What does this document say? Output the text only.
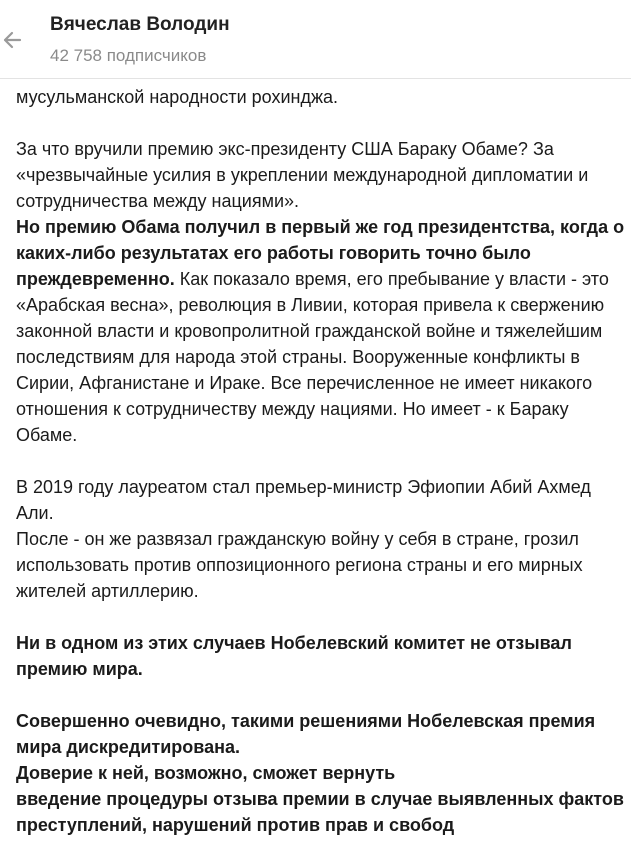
Вячеслав Володин
42 758 подписчиков

мусульманской народности рохинджа.

За что вручили премию экс-президенту США Бараку Обаме? За «чрезвычайные усилия в укреплении международной дипломатии и сотрудничества между нациями».
Но премию Обама получил в первый же год президентства, когда о каких-либо результатах его работы говорить точно было преждевременно. Как показало время, его пребывание у власти - это «Арабская весна», революция в Ливии, которая привела к свержению законной власти и кровопролитной гражданской войне и тяжелейшим последствиям для народа этой страны. Вооруженные конфликты в Сирии, Афганистане и Ираке. Все перечисленное не имеет никакого отношения к сотрудничеству между нациями. Но имеет - к Бараку Обаме.

В 2019 году лауреатом стал премьер-министр Эфиопии Абий Ахмед Али.
После - он же развязал гражданскую войну у себя в стране, грозил использовать против оппозиционного региона страны и его мирных жителей артиллерию.

Ни в одном из этих случаев Нобелевский комитет не отзывал премию мира.

Совершенно очевидно, такими решениями Нобелевская премия мира дискредитирована.
Доверие к ней, возможно, сможет вернуть
введение процедуры отзыва премии в случае выявленных фактов преступлений, нарушений против прав и свобод
